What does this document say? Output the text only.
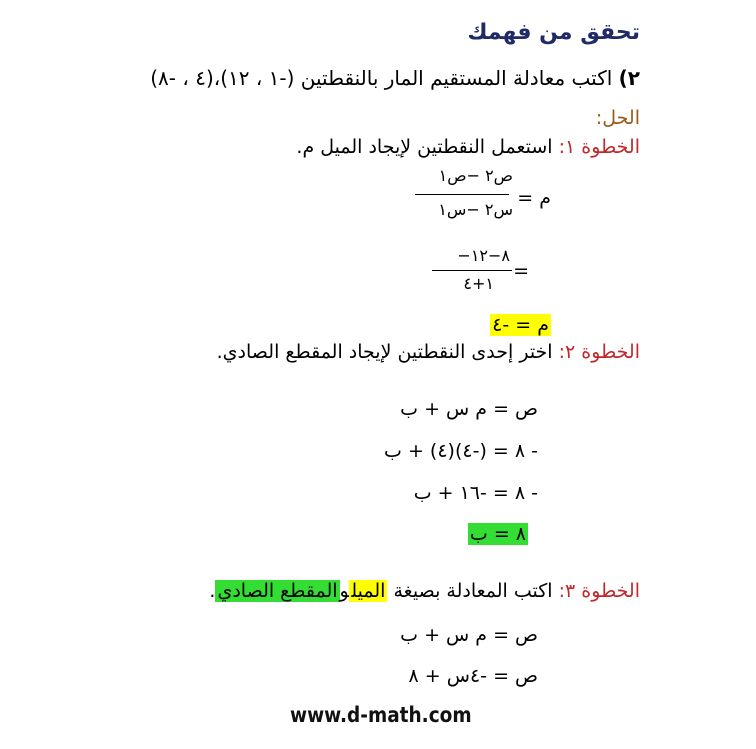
تحقق من فهمك
٢) اكتب معادلة المستقيم المار بالنقطتين (-١ ، ١٢)،(٤ ، -٨)
الحل:
الخطوة ١: استعمل النقطتين لإيجاد الميل م.
م =
ص٢ −ص١
س٢ −س١
=
−٨−١٢
١+٤
م = -٤
الخطوة ٢: اختر إحدى النقطتين لإيجاد المقطع الصادي.
ص = م س + ب
- ٨ = (-٤)(٤) + ب
- ٨ = -١٦ + ب
٨ = ب
الخطوة ٣: اكتب المعادلة بصيغة الميلوالمقطع الصادي.
ص = م س + ب
ص = -٤س + ٨
www.d-math.com
